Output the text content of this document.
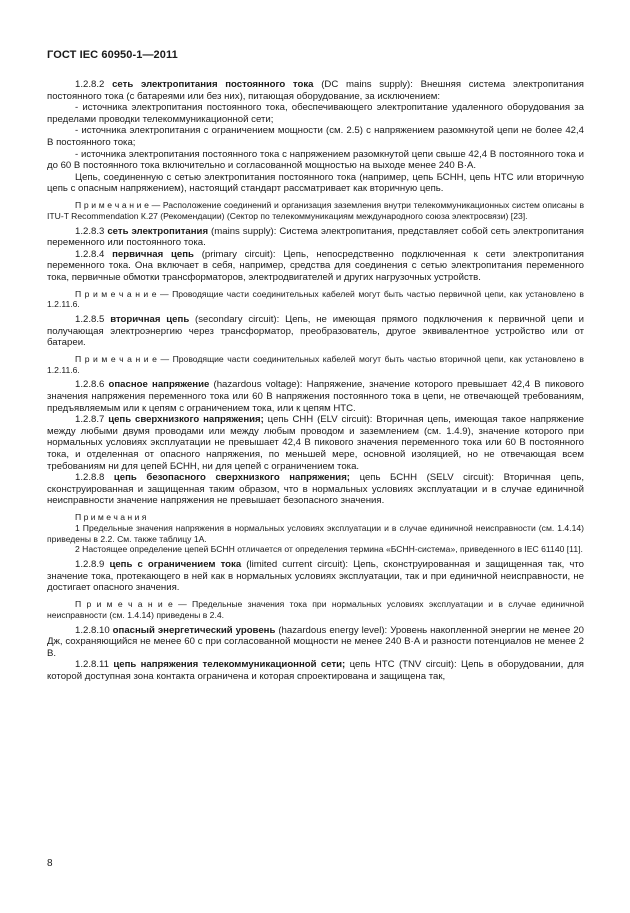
ГОСТ IEC 60950-1—2011

1.2.8.2 сеть электропитания постоянного тока (DC mains supply): Внешняя система электропитания постоянного тока (с батареями или без них), питающая оборудование, за исключением:

- источника электропитания постоянного тока, обеспечивающего электропитание удаленного оборудования за пределами проводки телекоммуникационной сети;

- источника электропитания с ограничением мощности (см. 2.5) с напряжением разомкнутой цепи не более 42,4 В постоянного тока;

- источника электропитания постоянного тока с напряжением разомкнутой цепи свыше 42,4 В постоянного тока и до 60 В постоянного тока включительно и согласованной мощностью на выходе менее 240 В·А.

Цепь, соединенную с сетью электропитания постоянного тока (например, цепь БСНН, цепь НТС или вторичную цепь с опасным напряжением), настоящий стандарт рассматривает как вторичную цепь.

П р и м е ч а н и е — Расположение соединений и организация заземления внутри телекоммуникационных систем описаны в ITU-T Recommendation К.27 (Рекомендации) (Сектор по телекоммуникациям международного союза электросвязи) [23].

1.2.8.3 сеть электропитания (mains supply): Система электропитания, представляет собой сеть электропитания переменного или постоянного тока.

1.2.8.4 первичная цепь (primary circuit): Цепь, непосредственно подключенная к сети электропитания переменного тока. Она включает в себя, например, средства для соединения с сетью электропитания переменного тока, первичные обмотки трансформаторов, электродвигателей и других нагрузочных устройств.

П р и м е ч а н и е — Проводящие части соединительных кабелей могут быть частью первичной цепи, как установлено в 1.2.11.6.

1.2.8.5 вторичная цепь (secondary circuit): Цепь, не имеющая прямого подключения к первичной цепи и получающая электроэнергию через трансформатор, преобразователь, другое эквивалентное устройство или от батареи.

П р и м е ч а н и е — Проводящие части соединительных кабелей могут быть частью вторичной цепи, как установлено в 1.2.11.6.

1.2.8.6 опасное напряжение (hazardous voltage): Напряжение, значение которого превышает 42,4 В пикового значения напряжения переменного тока или 60 В напряжения постоянного тока в цепи, не отвечающей требованиям, предъявляемым или к цепям с ограничением тока, или к цепям НТС.

1.2.8.7 цепь сверхнизкого напряжения; цепь СНН (ELV circuit): Вторичная цепь, имеющая такое напряжение между любыми двумя проводами или между любым проводом и заземлением (см. 1.4.9), значение которого при нормальных условиях эксплуатации не превышает 42,4 В пикового значения переменного тока или 60 В постоянного тока, и отделенная от опасного напряжения, по меньшей мере, основной изоляцией, но не отвечающая всем требованиям ни для цепей БСНН, ни для цепей с ограничением тока.

1.2.8.8 цепь безопасного сверхнизкого напряжения; цепь БСНН (SELV circuit): Вторичная цепь, сконструированная и защищенная таким образом, что в нормальных условиях эксплуатации и в случае единичной неисправности значение напряжения не превышает безопасного значения.

П р и м е ч а н и я

1 Предельные значения напряжения в нормальных условиях эксплуатации и в случае единичной неисправности (см. 1.4.14) приведены в 2.2. См. также таблицу 1А.

2 Настоящее определение цепей БСНН отличается от определения термина «БСНН-система», приведенного в IEC 61140 [11].

1.2.8.9 цепь с ограничением тока (limited current circuit): Цепь, сконструированная и защищенная так, что значение тока, протекающего в ней как в нормальных условиях эксплуатации, так и при единичной неисправности, не достигает опасного значения.

П р и м е ч а н и е — Предельные значения тока при нормальных условиях эксплуатации и в случае единичной неисправности (см. 1.4.14) приведены в 2.4.

1.2.8.10 опасный энергетический уровень (hazardous energy level): Уровень накопленной энергии не менее 20 Дж, сохраняющийся не менее 60 с при согласованной мощности не менее 240 В·А и разности потенциалов не менее 2 В.

1.2.8.11 цепь напряжения телекоммуникационной сети; цепь НТС (TNV circuit): Цепь в оборудовании, для которой доступная зона контакта ограничена и которая спроектирована и защищена так,

8
